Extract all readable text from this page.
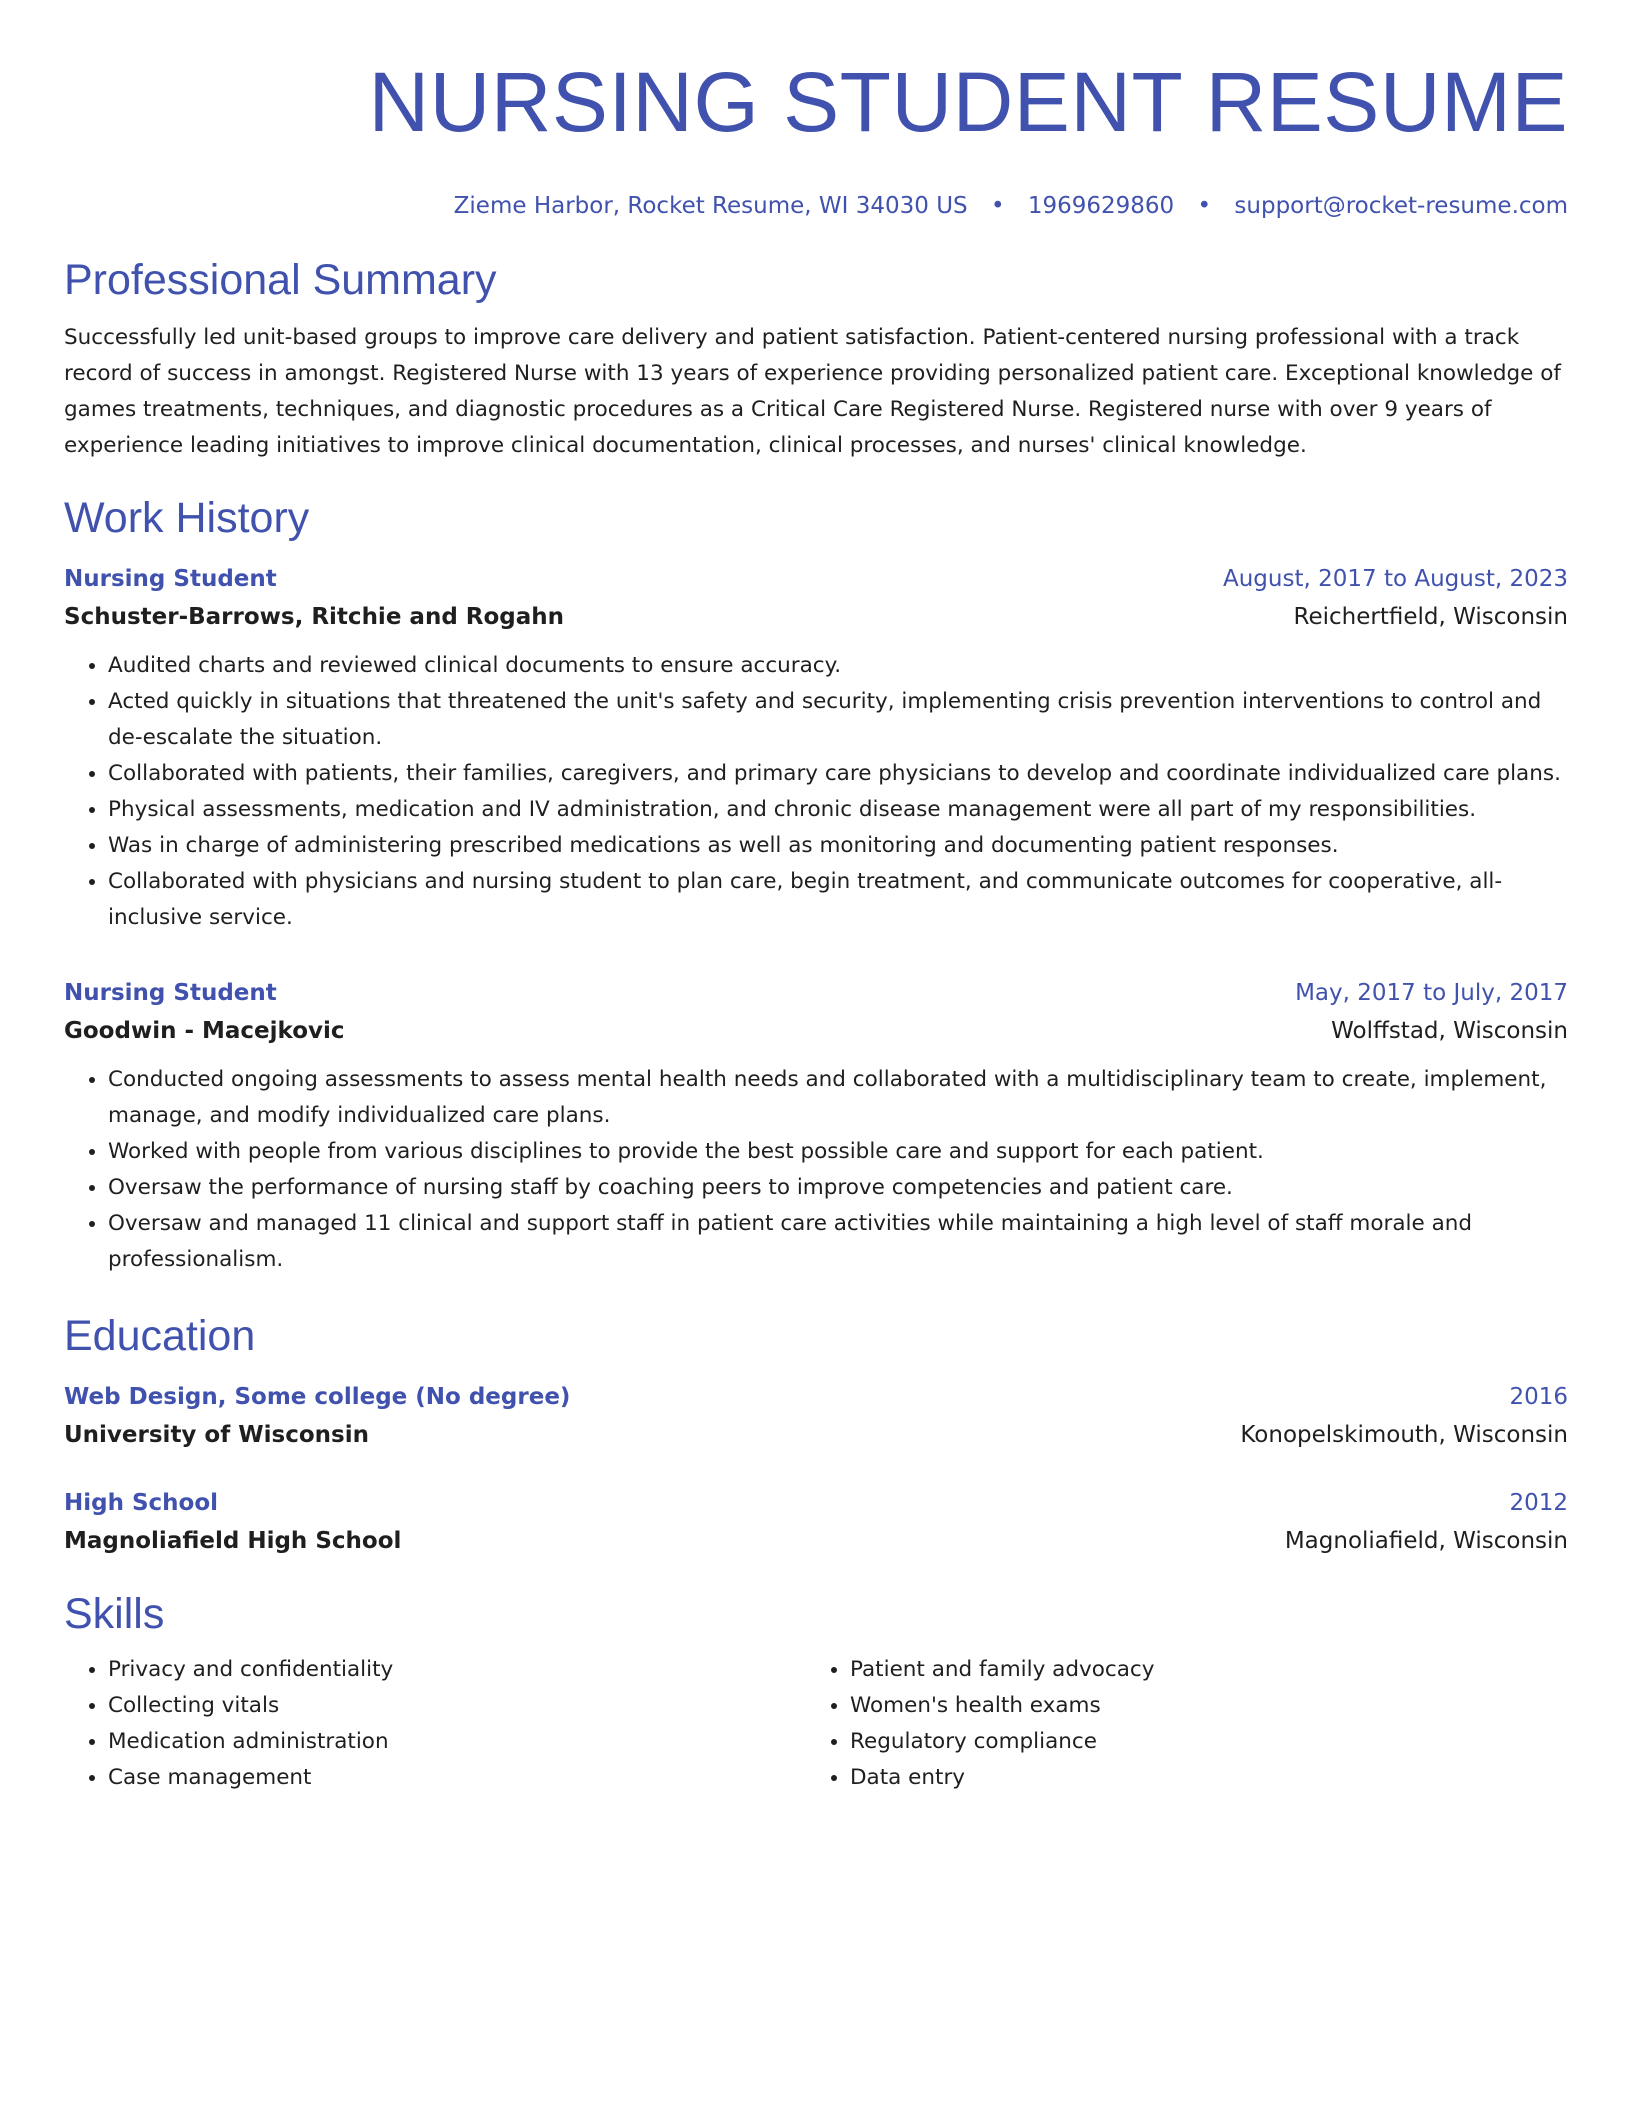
NURSING STUDENT RESUME
Zieme Harbor, Rocket Resume, WI 34030 US • 1969629860 • support@rocket-resume.com
Professional Summary
Successfully led unit-based groups to improve care delivery and patient satisfaction. Patient-centered nursing professional with a track record of success in amongst. Registered Nurse with 13 years of experience providing personalized patient care. Exceptional knowledge of games treatments, techniques, and diagnostic procedures as a Critical Care Registered Nurse. Registered nurse with over 9 years of experience leading initiatives to improve clinical documentation, clinical processes, and nurses' clinical knowledge.
Work History
Nursing Student	August, 2017 to August, 2023
Schuster-Barrows, Ritchie and Rogahn	Reichertfield, Wisconsin
• Audited charts and reviewed clinical documents to ensure accuracy.
• Acted quickly in situations that threatened the unit's safety and security, implementing crisis prevention interventions to control and de-escalate the situation.
• Collaborated with patients, their families, caregivers, and primary care physicians to develop and coordinate individualized care plans.
• Physical assessments, medication and IV administration, and chronic disease management were all part of my responsibilities.
• Was in charge of administering prescribed medications as well as monitoring and documenting patient responses.
• Collaborated with physicians and nursing student to plan care, begin treatment, and communicate outcomes for cooperative, all-inclusive service.
Nursing Student	May, 2017 to July, 2017
Goodwin - Macejkovic	Wolffstad, Wisconsin
• Conducted ongoing assessments to assess mental health needs and collaborated with a multidisciplinary team to create, implement, manage, and modify individualized care plans.
• Worked with people from various disciplines to provide the best possible care and support for each patient.
• Oversaw the performance of nursing staff by coaching peers to improve competencies and patient care.
• Oversaw and managed 11 clinical and support staff in patient care activities while maintaining a high level of staff morale and professionalism.
Education
Web Design, Some college (No degree)	2016
University of Wisconsin	Konopelskimouth, Wisconsin
High School	2012
Magnoliafield High School	Magnoliafield, Wisconsin
Skills
• Privacy and confidentiality
• Collecting vitals
• Medication administration
• Case management
• Patient and family advocacy
• Women's health exams
• Regulatory compliance
• Data entry
